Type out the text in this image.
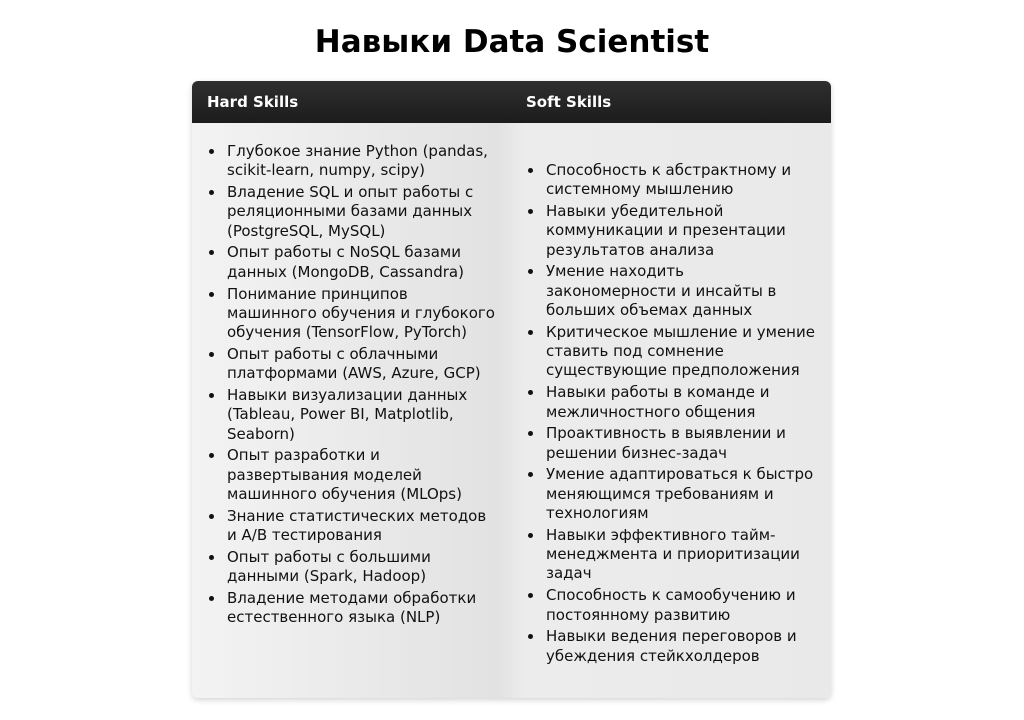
Навыки Data Scientist
Hard Skills	Soft Skills
Глубокое знание Python (pandas, scikit-learn, numpy, scipy)
Владение SQL и опыт работы с реляционными базами данных (PostgreSQL, MySQL)
Опыт работы с NoSQL базами данных (MongoDB, Cassandra)
Понимание принципов машинного обучения и глубокого обучения (TensorFlow, PyTorch)
Опыт работы с облачными платформами (AWS, Azure, GCP)
Навыки визуализации данных (Tableau, Power BI, Matplotlib, Seaborn)
Опыт разработки и развертывания моделей машинного обучения (MLOps)
Знание статистических методов и A/B тестирования
Опыт работы с большими данными (Spark, Hadoop)
Владение методами обработки естественного языка (NLP)
Способность к абстрактному и системному мышлению
Навыки убедительной коммуникации и презентации результатов анализа
Умение находить закономерности и инсайты в больших объемах данных
Критическое мышление и умение ставить под сомнение существующие предположения
Навыки работы в команде и межличностного общения
Проактивность в выявлении и решении бизнес-задач
Умение адаптироваться к быстро меняющимся требованиям и технологиям
Навыки эффективного тайм-менеджмента и приоритизации задач
Способность к самообучению и постоянному развитию
Навыки ведения переговоров и убеждения стейкхолдеров
